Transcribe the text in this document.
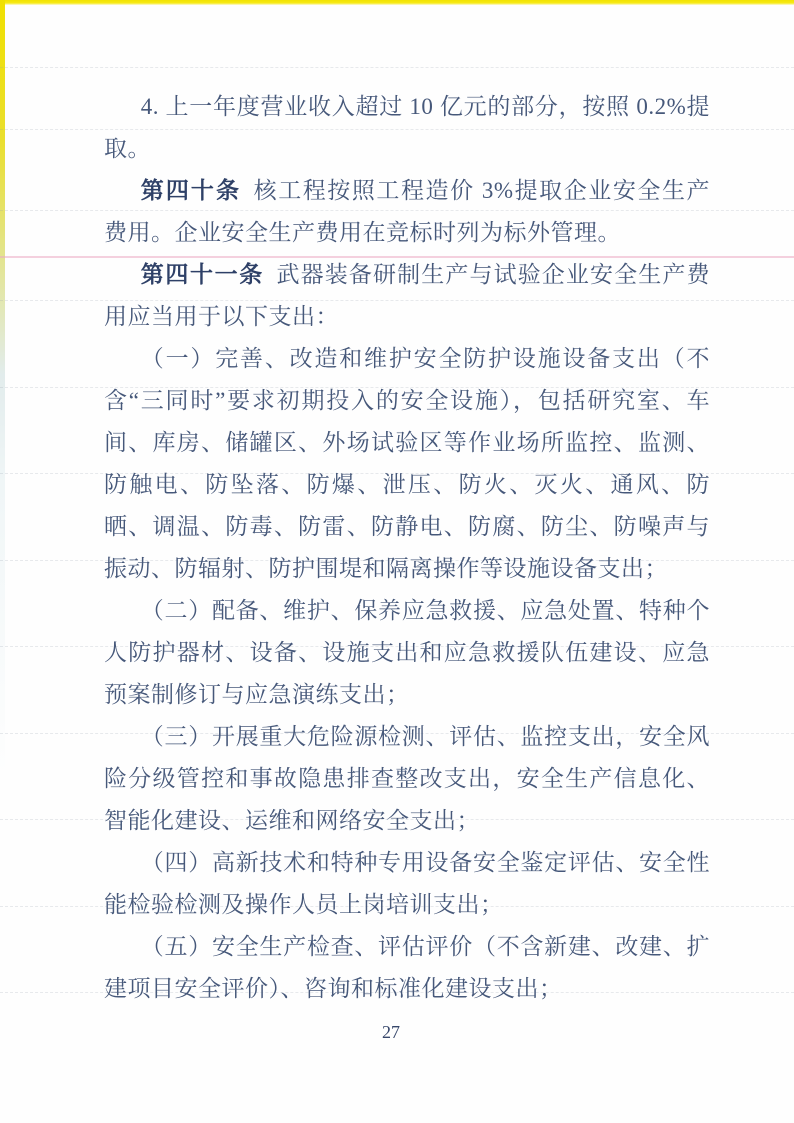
4. 上一年度营业收入超过 10 亿元的部分，按照 0.2%提取。

第四十条 核工程按照工程造价 3%提取企业安全生产费用。企业安全生产费用在竞标时列为标外管理。

第四十一条 武器装备研制生产与试验企业安全生产费用应当用于以下支出：

（一）完善、改造和维护安全防护设施设备支出（不含“三同时”要求初期投入的安全设施），包括研究室、车间、库房、储罐区、外场试验区等作业场所监控、监测、防触电、防坠落、防爆、泄压、防火、灭火、通风、防晒、调温、防毒、防雷、防静电、防腐、防尘、防噪声与振动、防辐射、防护围堤和隔离操作等设施设备支出；

（二）配备、维护、保养应急救援、应急处置、特种个人防护器材、设备、设施支出和应急救援队伍建设、应急预案制修订与应急演练支出；

（三）开展重大危险源检测、评估、监控支出，安全风险分级管控和事故隐患排查整改支出，安全生产信息化、智能化建设、运维和网络安全支出；

（四）高新技术和特种专用设备安全鉴定评估、安全性能检验检测及操作人员上岗培训支出；

（五）安全生产检查、评估评价（不含新建、改建、扩建项目安全评价）、咨询和标准化建设支出；

27
